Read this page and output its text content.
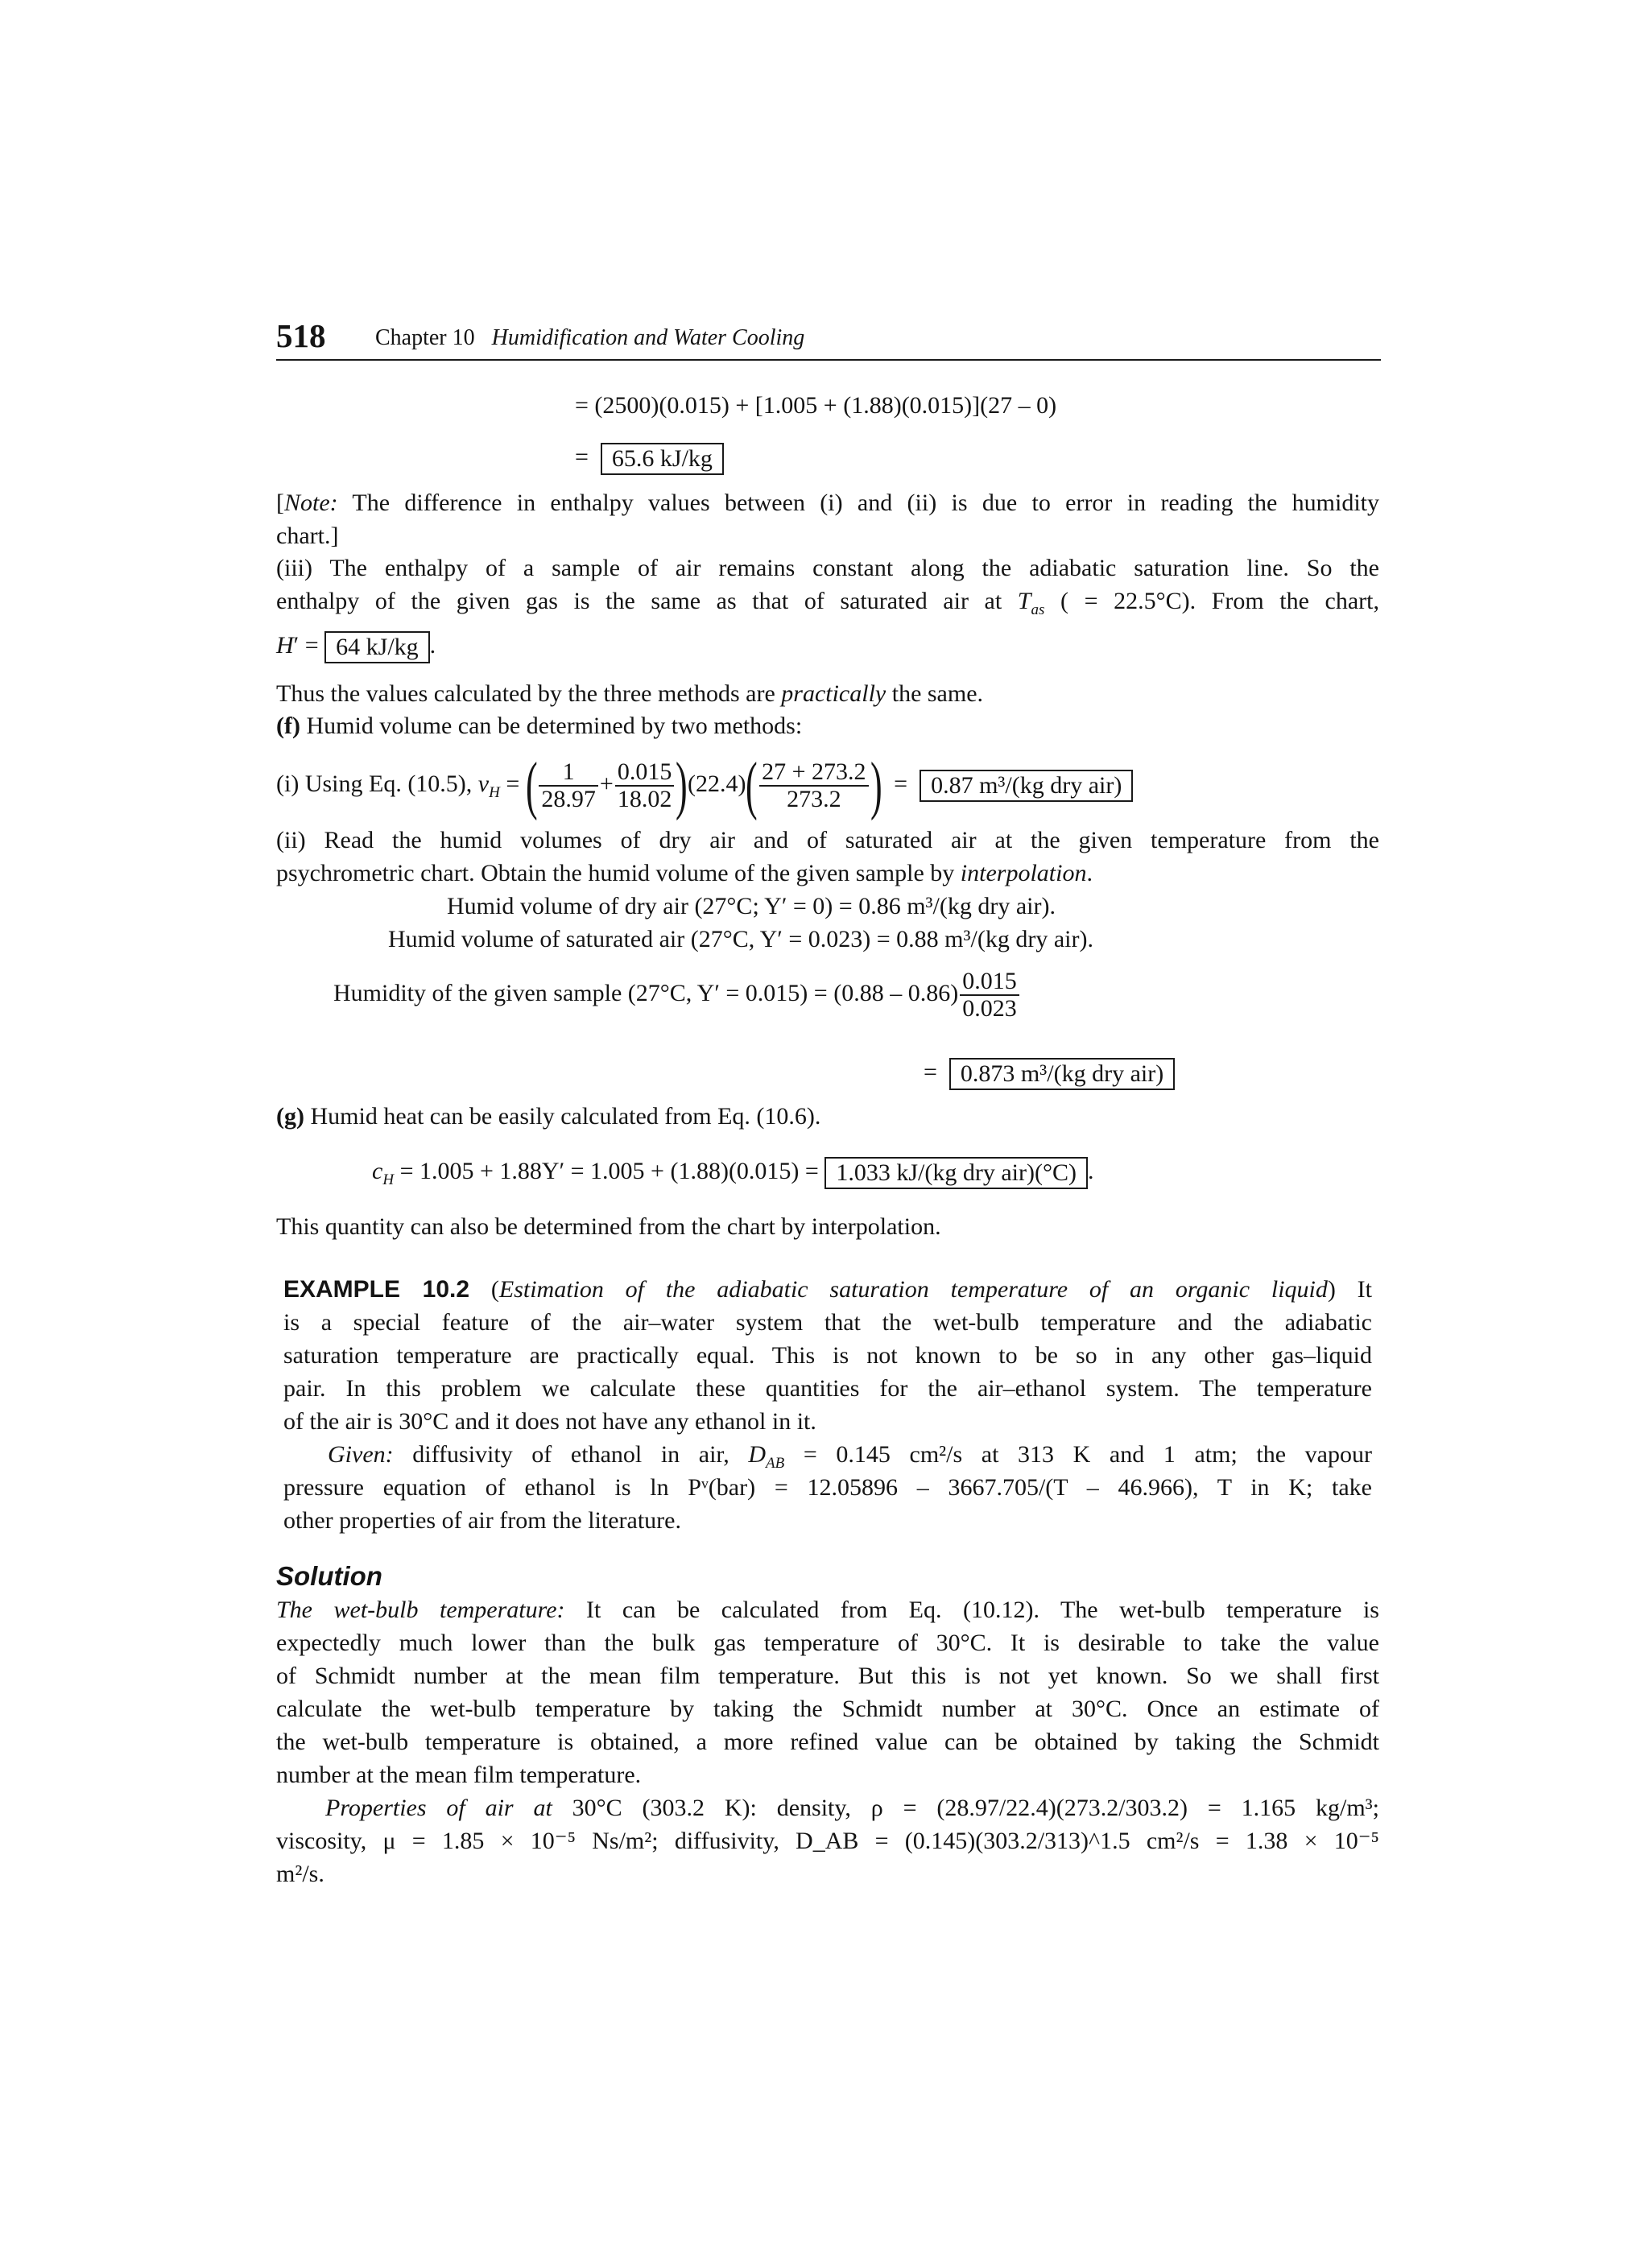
518 Chapter 10 Humidification and Water Cooling
= (2500)(0.015) + [1.005 + (1.88)(0.015)](27 – 0)
=  65.6 kJ/kg
[Note: The difference in enthalpy values between (i) and (ii) is due to error in reading the humidity
chart.]
(iii) The enthalpy of a sample of air remains constant along the adiabatic saturation line. So the
enthalpy of the given gas is the same as that of saturated air at $T_{as}$ ( = 22.5°C). From the chart,
H′ = 64 kJ/kg .
Thus the values calculated by the three methods are practically the same.
(f) Humid volume can be determined by two methods:
(i) Using Eq. (10.5), $v_H$ = ( $\frac{1}{28.97} + \frac{0.015}{18.02} )(22.4)( \frac{27 + 273.2}{273.2}$ )  =  0.87 m³/(kg dry air)
(ii) Read the humid volumes of dry air and of saturated air at the given temperature from the
psychrometric chart. Obtain the humid volume of the given sample by interpolation.
Humid volume of dry air (27°C; Y′ = 0) = 0.86 m³/(kg dry air).
Humid volume of saturated air (27°C, Y′ = 0.023) = 0.88 m³/(kg dry air).
Humidity of the given sample (27°C, $Y' = 0.015) = (0.88 - 0.86) \frac{0.015}{0.023}$
=  0.873 m³/(kg dry air)
(g) Humid heat can be easily calculated from Eq. (10.6).
$c_H = 1.005 + 1.88Y' = 1.005 + (1.88)(0.015) = 1.033$ kJ/(kg dry air)(°C) .
This quantity can also be determined from the chart by interpolation.
EXAMPLE 10.2 (Estimation of the adiabatic saturation temperature of an organic liquid) It
is a special feature of the air–water system that the wet-bulb temperature and the adiabatic
saturation temperature are practically equal. This is not known to be so in any other gas–liquid
pair. In this problem we calculate these quantities for the air–ethanol system. The temperature
of the air is 30°C and it does not have any ethanol in it.
Given: diffusivity of ethanol in air, $D_{AB} = 0.145$ cm²/s at 313 K and 1 atm; the vapour
pressure equation of ethanol is ln Pᵛ(bar) = 12.05896 – 3667.705/(T – 46.966), T in K; take
other properties of air from the literature.
Solution
The wet-bulb temperature: It can be calculated from Eq. (10.12). The wet-bulb temperature is
expectedly much lower than the bulk gas temperature of 30°C. It is desirable to take the value
of Schmidt number at the mean film temperature. But this is not yet known. So we shall first
calculate the wet-bulb temperature by taking the Schmidt number at 30°C. Once an estimate of
the wet-bulb temperature is obtained, a more refined value can be obtained by taking the Schmidt
number at the mean film temperature.
Properties of air at 30°C (303.2 K): density, ρ = (28.97/22.4)(273.2/303.2) = 1.165 kg/m³;
viscosity, μ = 1.85 × 10⁻⁵ Ns/m²; diffusivity, D_AB = (0.145)(303.2/313)^1.5 cm²/s = 1.38 × 10⁻⁵
m²/s.
